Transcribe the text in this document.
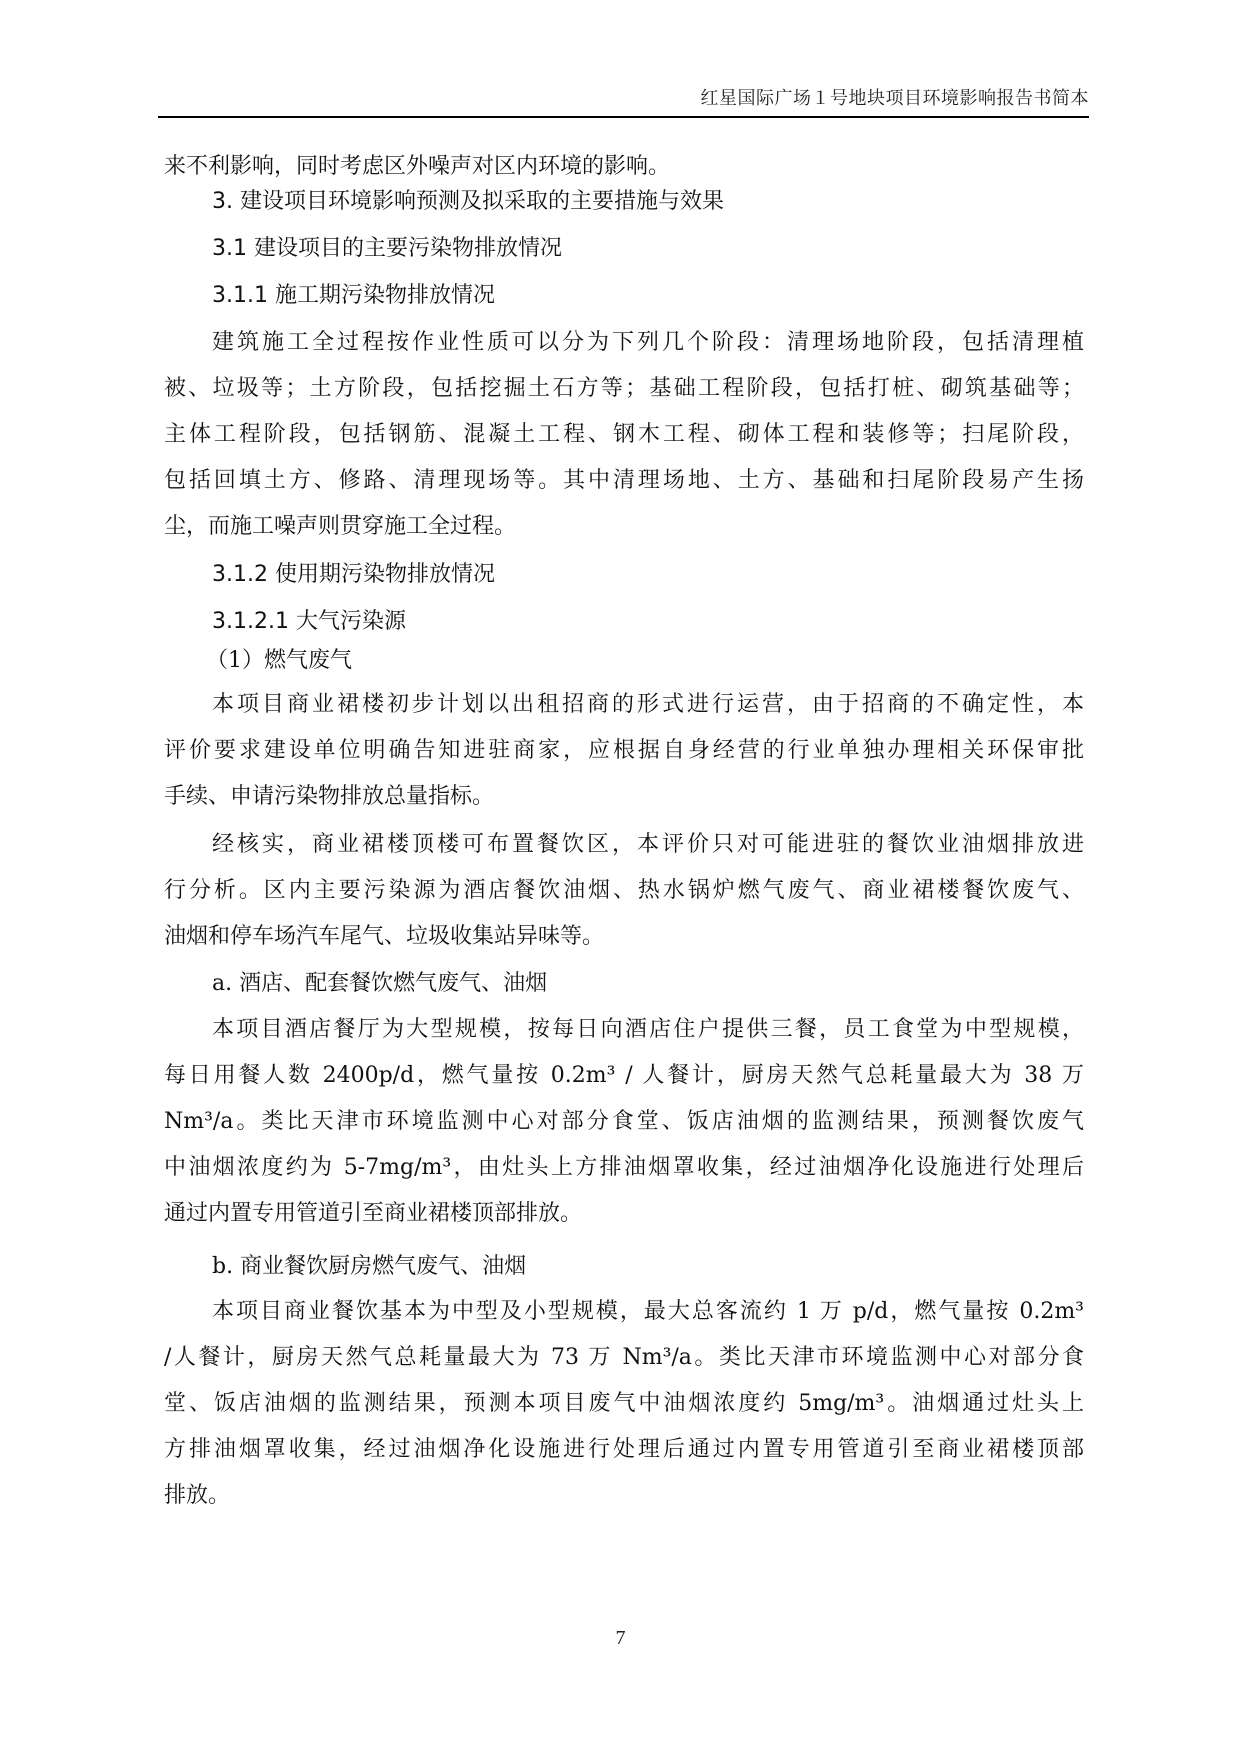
红星国际广场１号地块项目环境影响报告书简本
来不利影响，同时考虑区外噪声对区内环境的影响。
3. 建设项目环境影响预测及拟采取的主要措施与效果
3.1 建设项目的主要污染物排放情况
3.1.1 施工期污染物排放情况
建筑施工全过程按作业性质可以分为下列几个阶段：清理场地阶段，包括清理植
被、垃圾等；土方阶段，包括挖掘土石方等；基础工程阶段，包括打桩、砌筑基础等；
主体工程阶段，包括钢筋、混凝土工程、钢木工程、砌体工程和装修等；扫尾阶段，
包括回填土方、修路、清理现场等。其中清理场地、土方、基础和扫尾阶段易产生扬
尘，而施工噪声则贯穿施工全过程。
3.1.2 使用期污染物排放情况
3.1.2.1 大气污染源
（1）燃气废气
本项目商业裙楼初步计划以出租招商的形式进行运营，由于招商的不确定性，本
评价要求建设单位明确告知进驻商家，应根据自身经营的行业单独办理相关环保审批
手续、申请污染物排放总量指标。
经核实，商业裙楼顶楼可布置餐饮区，本评价只对可能进驻的餐饮业油烟排放进
行分析。区内主要污染源为酒店餐饮油烟、热水锅炉燃气废气、商业裙楼餐饮废气、
油烟和停车场汽车尾气、垃圾收集站异味等。
a. 酒店、配套餐饮燃气废气、油烟
本项目酒店餐厅为大型规模，按每日向酒店住户提供三餐，员工食堂为中型规模，
每日用餐人数 2400p/d，燃气量按 0.2m³ / 人餐计，厨房天然气总耗量最大为 38 万
Nm³/a。类比天津市环境监测中心对部分食堂、饭店油烟的监测结果，预测餐饮废气
中油烟浓度约为 5-7mg/m³，由灶头上方排油烟罩收集，经过油烟净化设施进行处理后
通过内置专用管道引至商业裙楼顶部排放。
b. 商业餐饮厨房燃气废气、油烟
本项目商业餐饮基本为中型及小型规模，最大总客流约 1 万 p/d，燃气量按 0.2m³
/人餐计，厨房天然气总耗量最大为 73 万 Nm³/a。类比天津市环境监测中心对部分食
堂、饭店油烟的监测结果，预测本项目废气中油烟浓度约 5mg/m³。油烟通过灶头上
方排油烟罩收集，经过油烟净化设施进行处理后通过内置专用管道引至商业裙楼顶部
排放。
7
